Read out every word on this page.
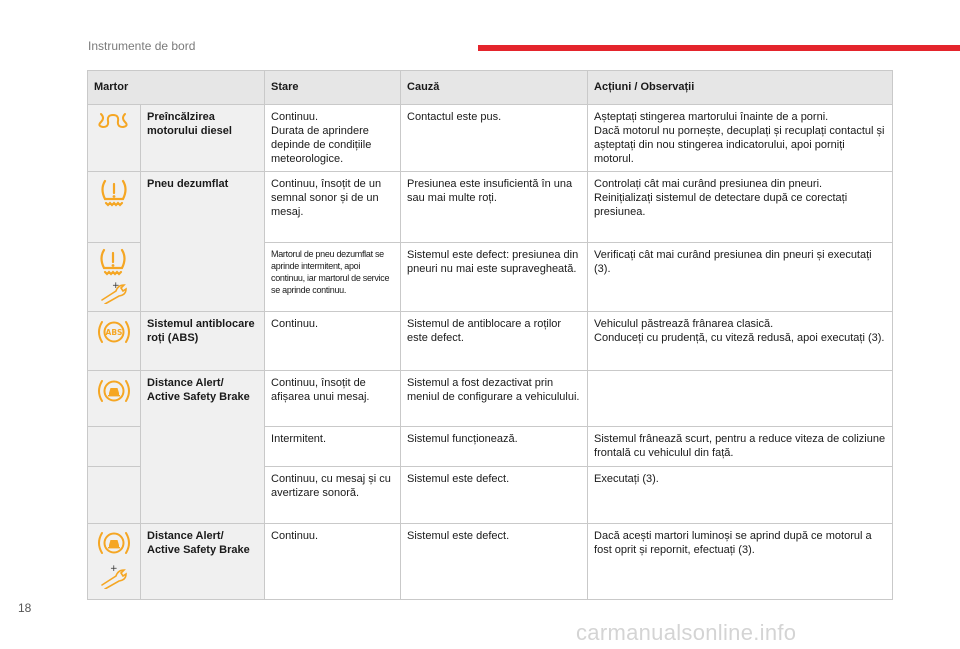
Instrumente de bord
Martor		Stare	Cauză	Acțiuni / Observații

	Preîncălzirea motorului diesel	Continuu.
Durata de aprindere depinde de condițiile meteorologice.	Contactul este pus.	Așteptați stingerea martorului înainte de a porni.
Dacă motorul nu pornește, decuplați și recuplați contactul și așteptați din nou stingerea indicatorului, apoi porniți motorul.

	Pneu dezumflat	Continuu, însoțit de un semnal sonor și de un mesaj.	Presiunea este insuficientă în una sau mai multe roți.	Controlați cât mai curând presiunea din pneuri.
Reinițializați sistemul de detectare după ce corectați presiunea.

+		Martorul de pneu dezumflat se aprinde intermitent, apoi continuu, iar martorul de service se aprinde continuu.	Sistemul este defect: presiunea din pneuri nu mai este supravegheată.	Verificați cât mai curând presiunea din pneuri și executați (3).

ABS	Sistemul antiblocare roți (ABS)	Continuu.	Sistemul de antiblocare a roților este defect.	Vehiculul păstrează frânarea clasică.
Conduceți cu prudență, cu viteză redusă, apoi executați (3).

	Distance Alert/ Active Safety Brake	Continuu, însoțit de afișarea unui mesaj.	Sistemul a fost dezactivat prin meniul de configurare a vehiculului.	
		Intermitent.	Sistemul funcționează.	Sistemul frânează scurt, pentru a reduce viteza de coliziune frontală cu vehiculul din față.
		Continuu, cu mesaj și cu avertizare sonoră.	Sistemul este defect.	Executați (3).

+	Distance Alert/ Active Safety Brake	Continuu.	Sistemul este defect.	Dacă acești martori luminoși se aprind după ce motorul a fost oprit și repornit, efectuați (3).
18
carmanualsonline.info
